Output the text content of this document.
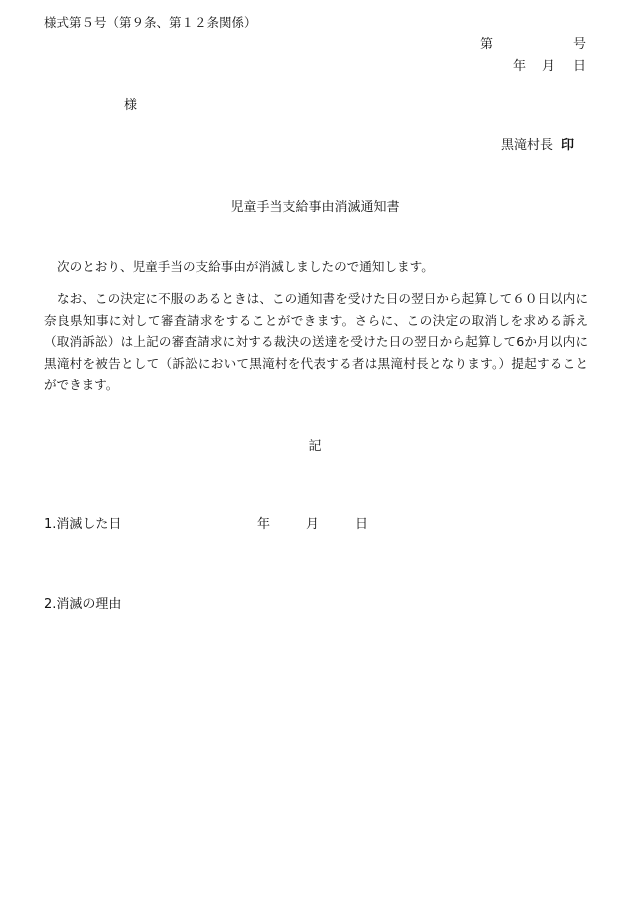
様式第５号（第９条、第１２条関係）
第	号
年 月 日
様
黒滝村長 印
児童手当支給事由消滅通知書

次のとおり、児童手当の支給事由が消滅しましたので通知します。

なお、この決定に不服のあるときは、この通知書を受けた日の翌日から起算して６０日以内に奈良県知事に対して審査請求をすることができます。さらに、この決定の取消しを求める訴え（取消訴訟）は上記の審査請求に対する裁決の送達を受けた日の翌日から起算して6か月以内に黒滝村を被告として（訴訟において黒滝村を代表する者は黒滝村長となります。）提起することができます。

記
1.消滅した日	年	月	日
2.消滅の理由
